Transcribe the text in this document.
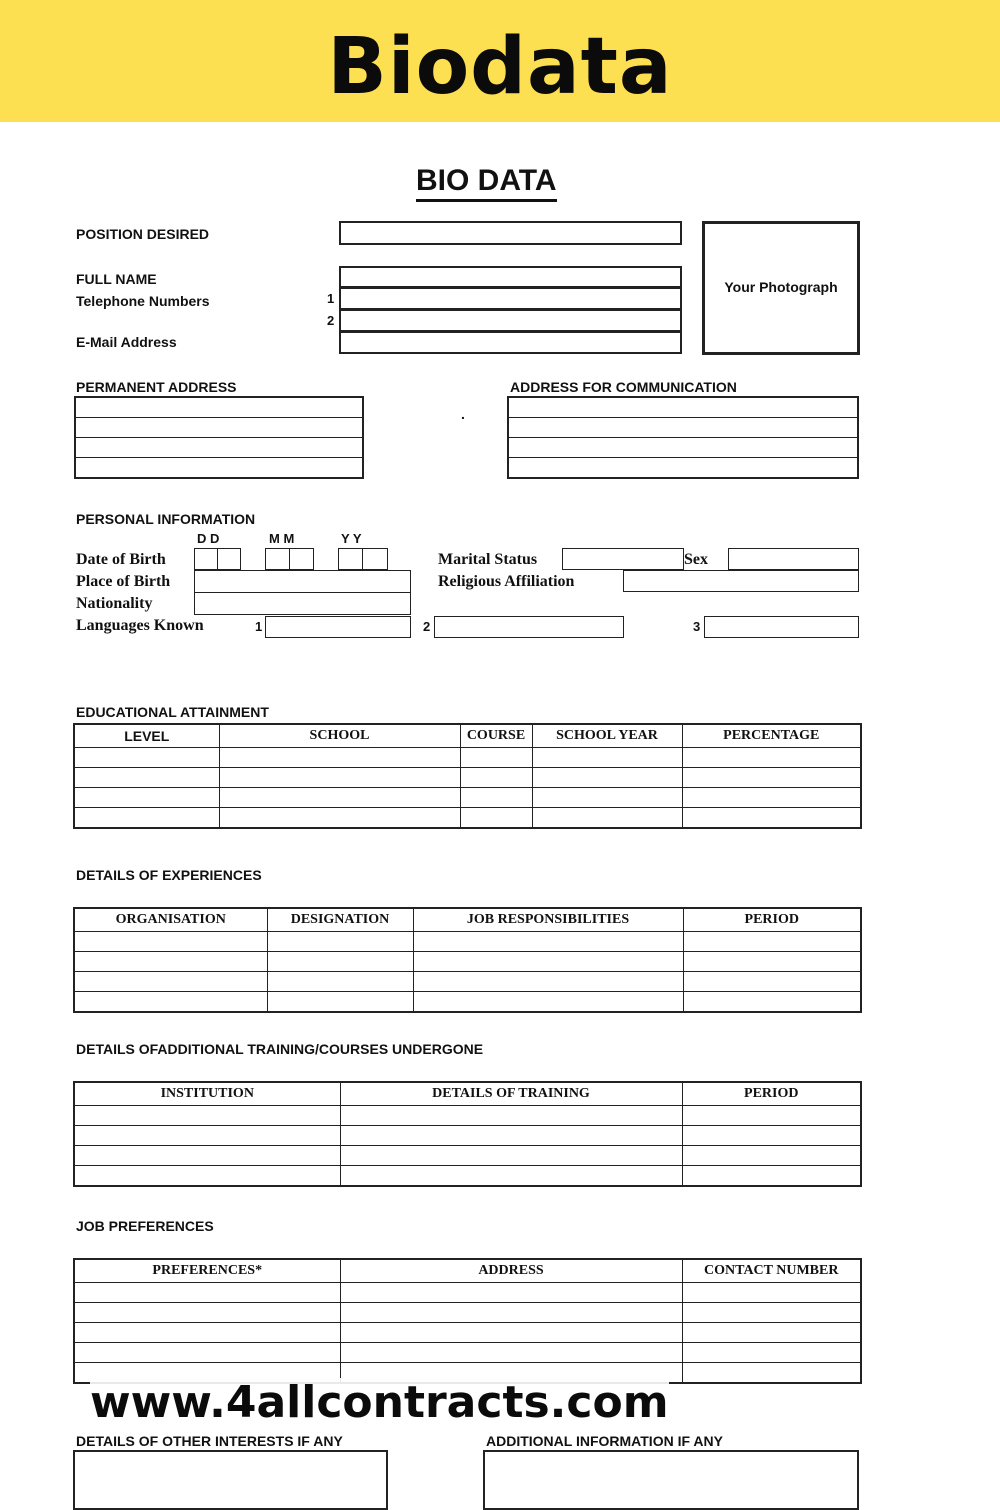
Biodata
BIO DATA
POSITION DESIRED
FULL NAME
Telephone Numbers
E-Mail Address
1
2
Your Photograph
PERMANENT ADDRESS	ADDRESS FOR COMMUNICATION
.

PERSONAL INFORMATION
D D	M M	Y Y
Date of Birth
Place of Birth
Nationality
Languages Known	1	2	3
Marital Status	Sex
Religious Affiliation
EDUCATIONAL ATTAINMENT
LEVEL	SCHOOL	COURSE	SCHOOL YEAR	PERCENTAGE

DETAILS OF EXPERIENCES
ORGANISATION	DESIGNATION	JOB RESPONSIBILITIES	PERIOD

DETAILS OFADDITIONAL TRAINING/COURSES UNDERGONE
INSTITUTION	DETAILS OF TRAINING	PERIOD

JOB PREFERENCES
PREFERENCES*	ADDRESS	CONTACT NUMBER

www.4allcontracts.com
DETAILS OF OTHER INTERESTS IF ANY	ADDITIONAL INFORMATION IF ANY
